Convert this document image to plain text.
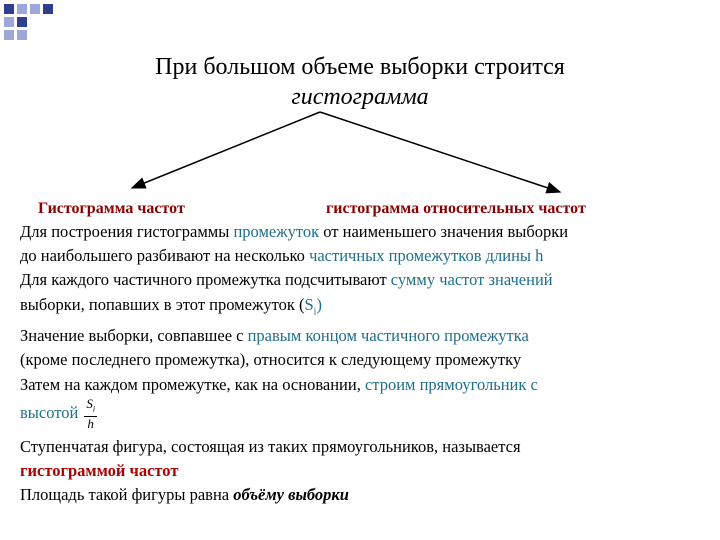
При большом объеме выборки строится
гистограмма
Гистограмма частот	гистограмма относительных частот
Для построения гистограммы промежуток от наименьшего значения выборки
до наибольшего разбивают на несколько частичных промежутков длины h
Для каждого частичного промежутка подсчитывают сумму частот значений
выборки, попавших в этот промежуток $(S_i)$
Значение выборки, совпавшее с правым концом частичного промежутка
(кроме последнего промежутка), относится к следующему промежутку
Затем на каждом промежутке, как на основании, строим прямоугольник с
высотой $\frac{S_i}{h}$
Ступенчатая фигура, состоящая из таких прямоугольников, называется
гистограммой частот
Площадь такой фигуры равна объёму выборки
